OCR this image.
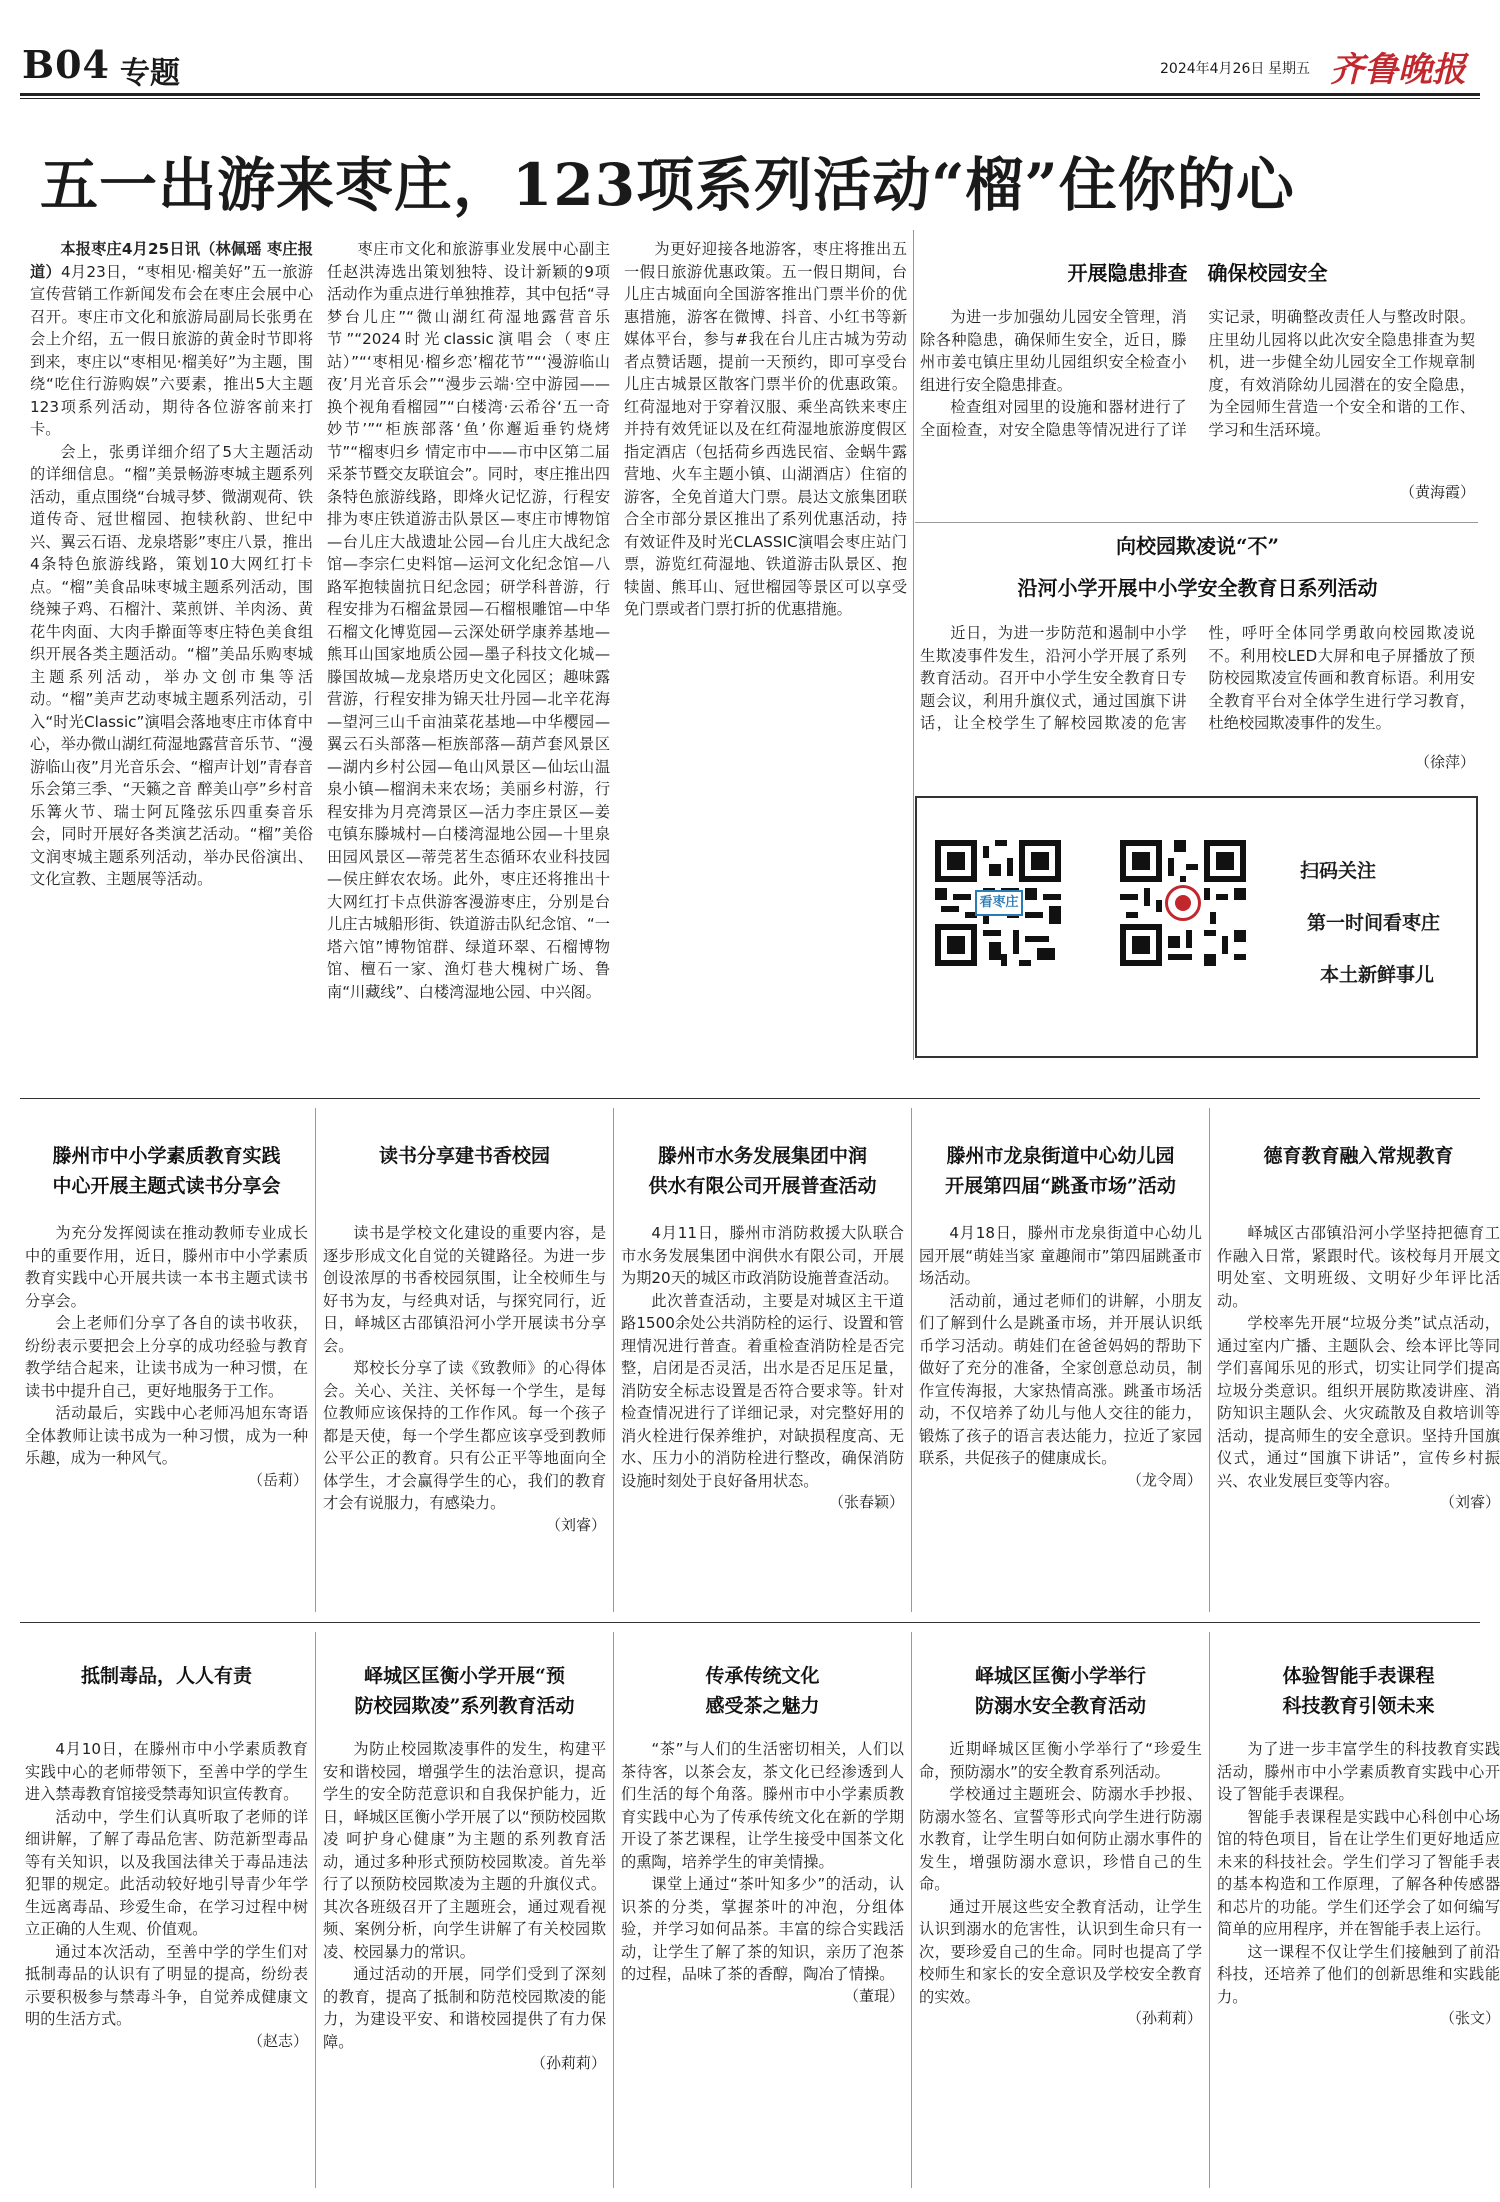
B04 专题	2024年4月26日 星期五 齐鲁晚报
五一出游来枣庄，123项系列活动“榴”住你的心

本报枣庄4月25日讯（林佩瑶 枣庄报道）4月23日，“枣相见·榴美好”五一旅游宣传营销工作新闻发布会在枣庄会展中心召开。枣庄市文化和旅游局副局长张勇在会上介绍，五一假日旅游的黄金时节即将到来，枣庄以“枣相见·榴美好”为主题，围绕“吃住行游购娱”六要素，推出5大主题123项系列活动，期待各位游客前来打卡。

会上，张勇详细介绍了5大主题活动的详细信息。“榴”美景畅游枣城主题系列活动，重点围绕“台城寻梦、微湖观荷、铁道传奇、冠世榴园、抱犊秋韵、世纪中兴、翼云石语、龙泉塔影”枣庄八景，推出4条特色旅游线路，策划10大网红打卡点。“榴”美食品味枣城主题系列活动，围绕辣子鸡、石榴汁、菜煎饼、羊肉汤、黄花牛肉面、大肉手擀面等枣庄特色美食组织开展各类主题活动。“榴”美品乐购枣城主题系列活动，举办文创市集等活动。“榴”美声艺动枣城主题系列活动，引入“时光Classic”演唱会落地枣庄市体育中心，举办微山湖红荷湿地露营音乐节、“漫游临山夜”月光音乐会、“榴声计划”青春音乐会第三季、“天籁之音 醉美山亭”乡村音乐篝火节、瑞士阿瓦隆弦乐四重奏音乐会，同时开展好各类演艺活动。“榴”美俗文润枣城主题系列活动，举办民俗演出、文化宣教、主题展等活动。

枣庄市文化和旅游事业发展中心副主任赵洪涛选出策划独特、设计新颖的9项活动作为重点进行单独推荐，其中包括“寻梦台儿庄”“微山湖红荷湿地露营音乐节”“2024时光classic演唱会（枣庄站）”“‘枣相见·榴乡恋’榴花节”“‘漫游临山夜’月光音乐会”“漫步云端·空中游园——换个视角看榴园”“白楼湾·云希谷‘五一奇妙节’”“柜族部落‘鱼’你邂逅垂钓烧烤节”“榴枣归乡 情定市中——市中区第二届采茶节暨交友联谊会”。同时，枣庄推出四条特色旅游线路，即烽火记忆游，行程安排为枣庄铁道游击队景区—枣庄市博物馆—台儿庄大战遗址公园—台儿庄大战纪念馆—李宗仁史料馆—运河文化纪念馆—八路军抱犊崮抗日纪念园；研学科普游，行程安排为石榴盆景园—石榴根雕馆—中华石榴文化博览园—云深处研学康养基地—熊耳山国家地质公园—墨子科技文化城—滕国故城—龙泉塔历史文化园区；趣味露营游，行程安排为锦天壮丹园—北辛花海—望河三山千亩油菜花基地—中华樱园—翼云石头部落—柜族部落—葫芦套风景区—湖内乡村公园—龟山风景区—仙坛山温泉小镇—榴润未来农场；美丽乡村游，行程安排为月亮湾景区—活力李庄景区—姜屯镇东滕城村—白楼湾湿地公园—十里泉田园风景区—蒂莞茗生态循环农业科技园—侯庄鲜农农场。此外，枣庄还将推出十大网红打卡点供游客漫游枣庄，分别是台儿庄古城船形街、铁道游击队纪念馆、“一塔六馆”博物馆群、绿道环翠、石榴博物馆、檀石一家、渔灯巷大槐树广场、鲁南“川藏线”、白楼湾湿地公园、中兴阁。

为更好迎接各地游客，枣庄将推出五一假日旅游优惠政策。五一假日期间，台儿庄古城面向全国游客推出门票半价的优惠措施，游客在微博、抖音、小红书等新媒体平台，参与#我在台儿庄古城为劳动者点赞话题，提前一天预约，即可享受台儿庄古城景区散客门票半价的优惠政策。红荷湿地对于穿着汉服、乘坐高铁来枣庄并持有效凭证以及在红荷湿地旅游度假区指定酒店（包括荷乡西选民宿、金蜗牛露营地、火车主题小镇、山湖酒店）住宿的游客，全免首道大门票。晨达文旅集团联合全市部分景区推出了系列优惠活动，持有效证件及时光CLASSIC演唱会枣庄站门票，游览红荷湿地、铁道游击队景区、抱犊崮、熊耳山、冠世榴园等景区可以享受免门票或者门票打折的优惠措施。

开展隐患排查  确保校园安全

为进一步加强幼儿园安全管理，消除各种隐患，确保师生安全，近日，滕州市姜屯镇庄里幼儿园组织安全检查小组进行安全隐患排查。

检查组对园里的设施和器材进行了全面检查，对安全隐患等情况进行了详实记录，明确整改责任人与整改时限。庄里幼儿园将以此次安全隐患排查为契机，进一步健全幼儿园安全工作规章制度，有效消除幼儿园潜在的安全隐患，为全园师生营造一个安全和谐的工作、学习和生活环境。

（黄海霞）
向校园欺凌说“不”
沿河小学开展中小学安全教育日系列活动

近日，为进一步防范和遏制中小学生欺凌事件发生，沿河小学开展了系列教育活动。召开中小学生安全教育日专题会议，利用升旗仪式，通过国旗下讲话，让全校学生了解校园欺凌的危害性，呼吁全体同学勇敢向校园欺凌说不。利用校LED大屏和电子屏播放了预防校园欺凌宣传画和教育标语。利用安全教育平台对全体学生进行学习教育，杜绝校园欺凌事件的发生。

（徐萍）
看枣庄
扫码关注
第一时间看枣庄
本土新鲜事儿
滕州市中小学素质教育实践
中心开展主题式读书分享会

为充分发挥阅读在推动教师专业成长中的重要作用，近日，滕州市中小学素质教育实践中心开展共读一本书主题式读书分享会。

会上老师们分享了各自的读书收获，纷纷表示要把会上分享的成功经验与教育教学结合起来，让读书成为一种习惯，在读书中提升自己，更好地服务于工作。

活动最后，实践中心老师冯旭东寄语全体教师让读书成为一种习惯，成为一种乐趣，成为一种风气。

（岳莉）
读书分享建书香校园

读书是学校文化建设的重要内容，是逐步形成文化自觉的关键路径。为进一步创设浓厚的书香校园氛围，让全校师生与好书为友，与经典对话，与探究同行，近日，峄城区古邵镇沿河小学开展读书分享会。

郑校长分享了读《致教师》的心得体会。关心、关注、关怀每一个学生，是每位教师应该保持的工作作风。每一个孩子都是天使，每一个学生都应该享受到教师公平公正的教育。只有公正平等地面向全体学生，才会赢得学生的心，我们的教育才会有说服力，有感染力。

（刘睿）
滕州市水务发展集团中润
供水有限公司开展普查活动

4月11日，滕州市消防救援大队联合市水务发展集团中润供水有限公司，开展为期20天的城区市政消防设施普查活动。

此次普查活动，主要是对城区主干道路1500余处公共消防栓的运行、设置和管理情况进行普查。着重检查消防栓是否完整，启闭是否灵活，出水是否足压足量，消防安全标志设置是否符合要求等。针对检查情况进行了详细记录，对完整好用的消火栓进行保养维护，对缺损程度高、无水、压力小的消防栓进行整改，确保消防设施时刻处于良好备用状态。

（张春颖）
滕州市龙泉街道中心幼儿园
开展第四届“跳蚤市场”活动

4月18日，滕州市龙泉街道中心幼儿园开展“萌娃当家 童趣闹市”第四届跳蚤市场活动。

活动前，通过老师们的讲解，小朋友们了解到什么是跳蚤市场，并开展认识纸币学习活动。萌娃们在爸爸妈妈的帮助下做好了充分的准备，全家创意总动员，制作宣传海报，大家热情高涨。跳蚤市场活动，不仅培养了幼儿与他人交往的能力，锻炼了孩子的语言表达能力，拉近了家园联系，共促孩子的健康成长。

（龙令周）
德育教育融入常规教育

峄城区古邵镇沿河小学坚持把德育工作融入日常，紧跟时代。该校每月开展文明处室、文明班级、文明好少年评比活动。

学校率先开展“垃圾分类”试点活动，通过室内广播、主题队会、绘本评比等同学们喜闻乐见的形式，切实让同学们提高垃圾分类意识。组织开展防欺凌讲座、消防知识主题队会、火灾疏散及自救培训等活动，提高师生的安全意识。坚持升国旗仪式，通过“国旗下讲话”，宣传乡村振兴、农业发展巨变等内容。

（刘睿）
抵制毒品，人人有责

4月10日，在滕州市中小学素质教育实践中心的老师带领下，至善中学的学生进入禁毒教育馆接受禁毒知识宣传教育。

活动中，学生们认真听取了老师的详细讲解，了解了毒品危害、防范新型毒品等有关知识，以及我国法律关于毒品违法犯罪的规定。此活动较好地引导青少年学生远离毒品、珍爱生命，在学习过程中树立正确的人生观、价值观。

通过本次活动，至善中学的学生们对抵制毒品的认识有了明显的提高，纷纷表示要积极参与禁毒斗争，自觉养成健康文明的生活方式。

（赵志）
峄城区匡衡小学开展“预
防校园欺凌”系列教育活动

为防止校园欺凌事件的发生，构建平安和谐校园，增强学生的法治意识，提高学生的安全防范意识和自我保护能力，近日，峄城区匡衡小学开展了以“预防校园欺凌 呵护身心健康”为主题的系列教育活动，通过多种形式预防校园欺凌。首先举行了以预防校园欺凌为主题的升旗仪式。其次各班级召开了主题班会，通过观看视频、案例分析，向学生讲解了有关校园欺凌、校园暴力的常识。

通过活动的开展，同学们受到了深刻的教育，提高了抵制和防范校园欺凌的能力，为建设平安、和谐校园提供了有力保障。

（孙莉莉）
传承传统文化
感受茶之魅力

“茶”与人们的生活密切相关，人们以茶待客，以茶会友，茶文化已经渗透到人们生活的每个角落。滕州市中小学素质教育实践中心为了传承传统文化在新的学期开设了茶艺课程，让学生接受中国茶文化的熏陶，培养学生的审美情操。

课堂上通过“茶叶知多少”的活动，认识茶的分类，掌握茶叶的冲泡，分组体验，并学习如何品茶。丰富的综合实践活动，让学生了解了茶的知识，亲历了泡茶的过程，品味了茶的香醇，陶冶了情操。

（董琨）
峄城区匡衡小学举行
防溺水安全教育活动

近期峄城区匡衡小学举行了“珍爱生命，预防溺水”的安全教育系列活动。

学校通过主题班会、防溺水手抄报、防溺水签名、宣誓等形式向学生进行防溺水教育，让学生明白如何防止溺水事件的发生，增强防溺水意识，珍惜自己的生命。

通过开展这些安全教育活动，让学生认识到溺水的危害性，认识到生命只有一次，要珍爱自己的生命。同时也提高了学校师生和家长的安全意识及学校安全教育的实效。

（孙莉莉）
体验智能手表课程
科技教育引领未来

为了进一步丰富学生的科技教育实践活动，滕州市中小学素质教育实践中心开设了智能手表课程。

智能手表课程是实践中心科创中心场馆的特色项目，旨在让学生们更好地适应未来的科技社会。学生们学习了智能手表的基本构造和工作原理，了解各种传感器和芯片的功能。学生们还学会了如何编写简单的应用程序，并在智能手表上运行。

这一课程不仅让学生们接触到了前沿科技，还培养了他们的创新思维和实践能力。

（张文）
